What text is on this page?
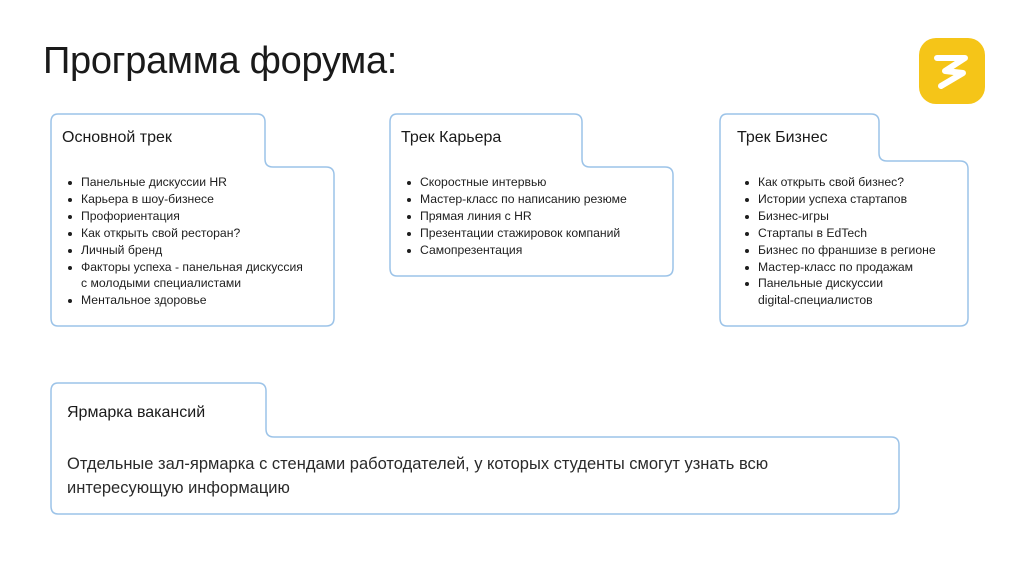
Программа форума:
Основной трек
Панельные дискуссии HR
Карьера в шоу-бизнесе
Профориентация
Как открыть свой ресторан?
Личный бренд
Факторы успеха - панельная дискуссия
с молодыми специалистами
Ментальное здоровье
Трек Карьера
Скоростные интервью
Мастер-класс по написанию резюме
Прямая линия с HR
Презентации стажировок компаний
Самопрезентация
Трек Бизнес
Как открыть свой бизнес?
Истории успеха стартапов
Бизнес-игры
Стартапы в EdTech
Бизнес по франшизе в регионе
Мастер-класс по продажам
Панельные дискуссии
digital-специалистов
Ярмарка вакансий
Отдельные зал-ярмарка с стендами работодателей, у которых студенты смогут узнать всю
интересующую информацию
